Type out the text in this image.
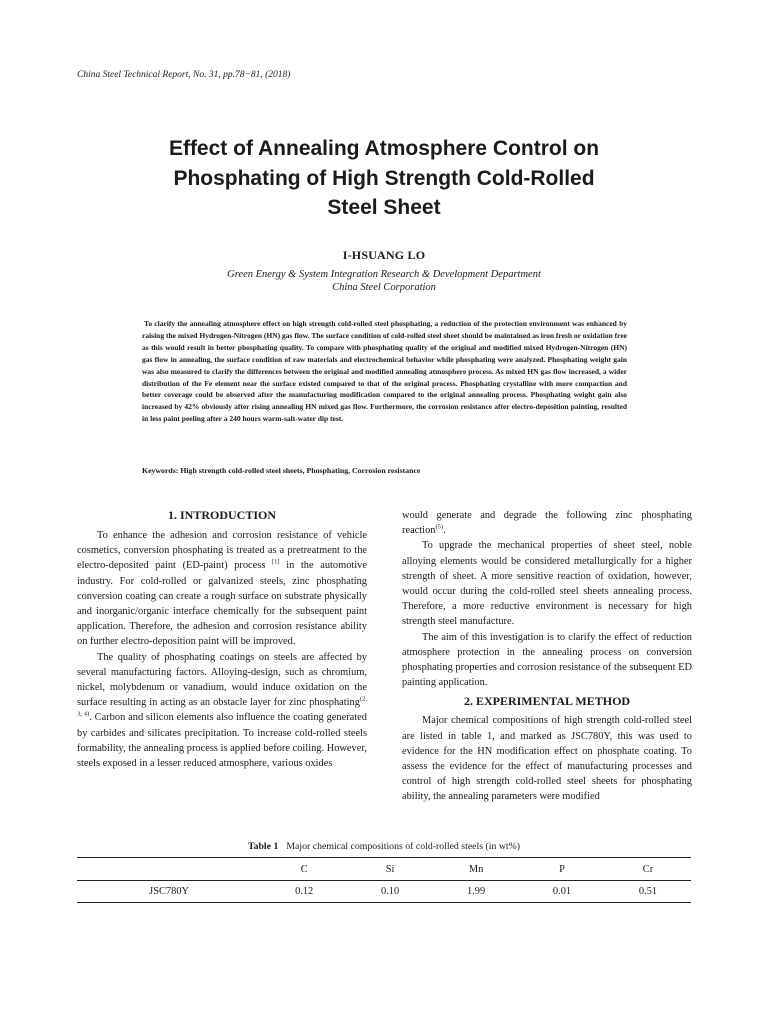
China Steel Technical Report, No. 31, pp.78−81, (2018)
Effect of Annealing Atmosphere Control on
Phosphating of High Strength Cold-Rolled
Steel Sheet
I-HSUANG LO
Green Energy & System Integration Research & Development Department
China Steel Corporation
To clarify the annealing atmosphere effect on high strength cold-rolled steel phosphating, a reduction of the protection environment was enhanced by raising the mixed Hydrogen-Nitrogen (HN) gas flow. The surface condition of cold-rolled steel sheet should be maintained as iron fresh or oxidation free as this would result in better phosphating quality. To compare with phosphating quality of the original and modified mixed Hydrogen-Nitrogen (HN) gas flow in annealing, the surface condition of raw materials and electrochemical behavior while phosphating were analyzed. Phosphating weight gain was also measured to clarify the differences between the original and modified annealing atmosphere process. As mixed HN gas flow increased, a wider distribution of the Fe element near the surface existed compared to that of the original process. Phosphating crystalline with more compaction and better coverage could be observed after the manufacturing modification compared to the original annealing process. Phosphating weight gain also increased by 42% obviously after rising annealing HN mixed gas flow. Furthermore, the corrosion resistance after electro-deposition painting, resulted in less paint peeling after a 240 hours warm-salt-water dip test.
Keywords: High strength cold-rolled steel sheets, Phosphating, Corrosion resistance
1. INTRODUCTION

To enhance the adhesion and corrosion resistance of vehicle cosmetics, conversion phosphating is treated as a pretreatment to the electro-deposited paint (ED-paint) process [1] in the automotive industry. For cold-rolled or galvanized steels, zinc phosphating conversion coating can create a rough surface on substrate physically and inorganic/organic interface chemically for the subsequent paint application. Therefore, the adhesion and corrosion resistance ability on further electro-deposition paint will be improved.

The quality of phosphating coatings on steels are affected by several manufacturing factors. Alloying-design, such as chromium, nickel, molybdenum or vanadium, would induce oxidation on the surface resulting in acting as an obstacle layer for zinc phosphating$^{(2, 3, 4)}$. Carbon and silicon elements also influence the coating generated by carbides and silicates precipitation. To increase cold-rolled steels formability, the annealing process is applied before coiling. However, steels exposed in a lesser reduced atmosphere, various oxides

would generate and degrade the following zinc phosphating reaction$^{(5)}$.

To upgrade the mechanical properties of sheet steel, noble alloying elements would be considered metallurgically for a higher strength of sheet. A more sensitive reaction of oxidation, however, would occur during the cold-rolled steel sheets annealing process. Therefore, a more reductive environment is necessary for high strength steel manufacture.

The aim of this investigation is to clarify the effect of reduction atmosphere protection in the annealing process on conversion phosphating properties and corrosion resistance of the subsequent ED painting application.

2. EXPERIMENTAL METHOD

Major chemical compositions of high strength cold-rolled steel are listed in table 1, and marked as JSC780Y, this was used to evidence for the HN modification effect on phosphate coating. To assess the evidence for the effect of manufacturing processes and control of high strength cold-rolled steel sheets for phosphating ability, the annealing parameters were modified

Table 1 Major chemical compositions of cold-rolled steels (in wt%)
	C	Si	Mn	P	Cr
JSC780Y	0.12	0.10	1.99	0.01	0.51
